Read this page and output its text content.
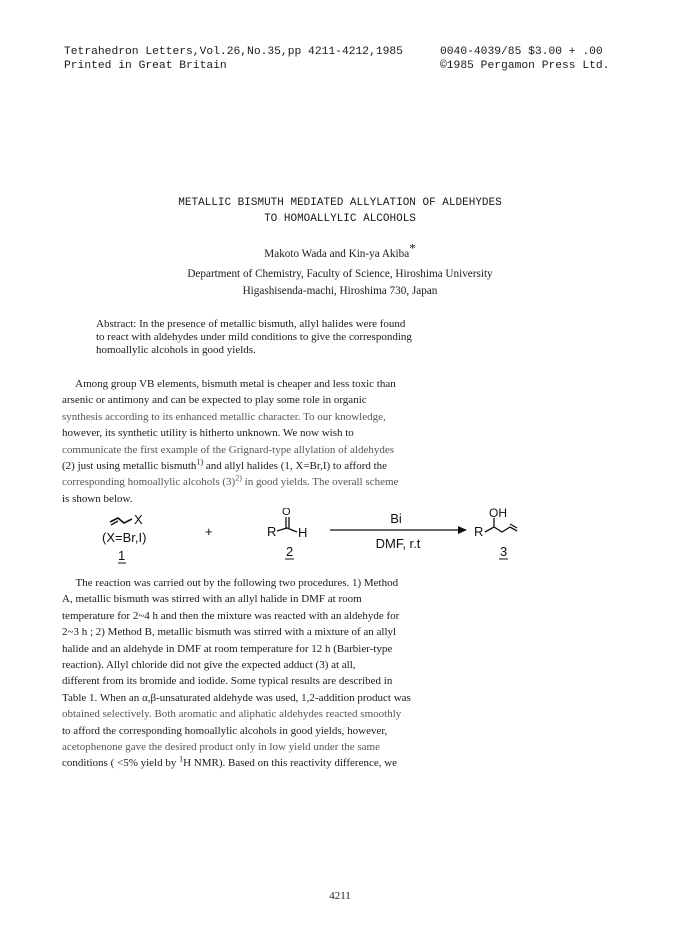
Tetrahedron Letters,Vol.26,No.35,pp 4211-4212,1985	0040-4039/85 $3.00 + .00
Printed in Great Britain	©1985 Pergamon Press Ltd.
METALLIC BISMUTH MEDIATED ALLYLATION OF ALDEHYDES
TO HOMOALLYLIC ALCOHOLS
Makoto Wada and Kin-ya Akiba*
Department of Chemistry, Faculty of Science, Hiroshima University
Higashisenda-machi, Hiroshima 730, Japan
Abstract: In the presence of metallic bismuth, allyl halides were found
to react with aldehydes under mild conditions to give the corresponding
homoallylic alcohols in good yields.
Among group VB elements, bismuth metal is cheaper and less toxic than
arsenic or antimony and can be expected to play some role in organic
synthesis according to its enhanced metallic character. To our knowledge,
however, its synthetic utility is hitherto unknown. We now wish to
communicate the first example of the Grignard-type allylation of aldehydes
(2) just using metallic bismuth$^{1)}$ and allyl halides (1, X=Br,I) to afford the
corresponding homoallylic alcohols $(3)^{2)}$ in good yields. The overall scheme
is shown below.
X
(X=Br,I)
1
+
O
R H
2
Bi
DMF, r.t
R
OH
3
The reaction was carried out by the following two procedures. 1) Method
A, metallic bismuth was stirred with an allyl halide in DMF at room
temperature for 2~4 h and then the mixture was reacted with an aldehyde for
2~3 h ; 2) Method B, metallic bismuth was stirred with a mixture of an allyl
halide and an aldehyde in DMF at room temperature for 12 h (Barbier-type
reaction). Allyl chloride did not give the expected adduct (3) at all,
different from its bromide and iodide. Some typical results are described in
Table 1. When an α,β-unsaturated aldehyde was used, 1,2-addition product was
obtained selectively. Both aromatic and aliphatic aldehydes reacted smoothly
to afford the corresponding homoallylic alcohols in good yields, however,
acetophenone gave the desired product only in low yield under the same
conditions ( <5% yield by $^1$H NMR). Based on this reactivity difference, we
4211
